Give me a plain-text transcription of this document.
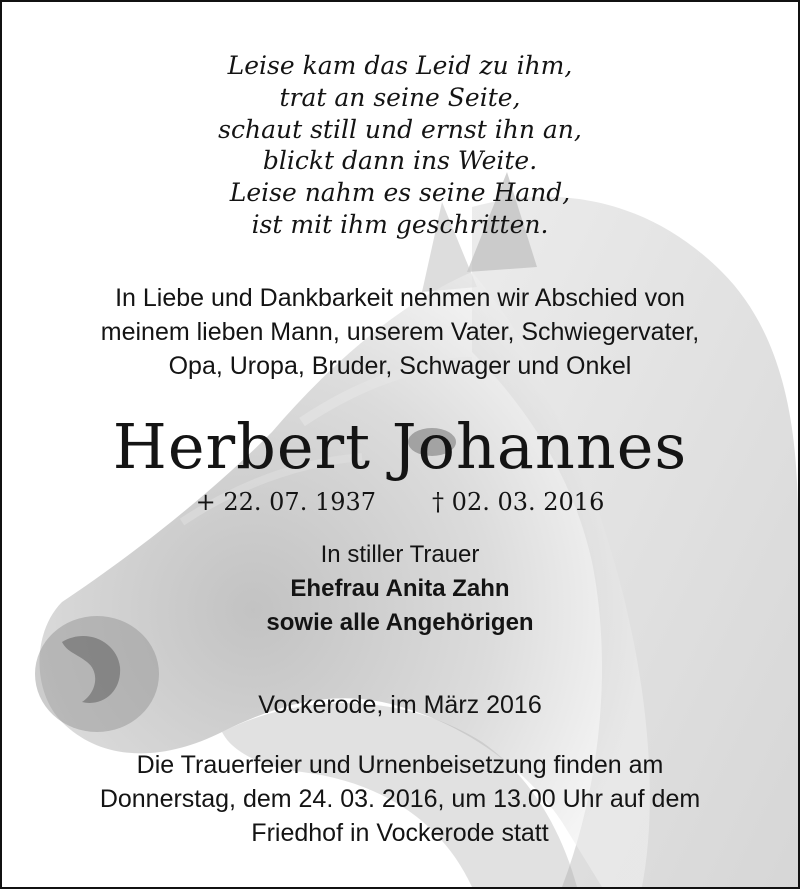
Leise kam das Leid zu ihm,
trat an seine Seite,
schaut still und ernst ihn an,
blickt dann ins Weite.
Leise nahm es seine Hand,
ist mit ihm geschritten.
In Liebe und Dankbarkeit nehmen wir Abschied von
meinem lieben Mann, unserem Vater, Schwiegervater,
Opa, Uropa, Bruder, Schwager und Onkel
Herbert Johannes
+ 22. 07. 1937 † 02. 03. 2016
In stiller Trauer
Ehefrau Anita Zahn
sowie alle Angehörigen
Vockerode, im März 2016
Die Trauerfeier und Urnenbeisetzung finden am
Donnerstag, dem 24. 03. 2016, um 13.00 Uhr auf dem
Friedhof in Vockerode statt
